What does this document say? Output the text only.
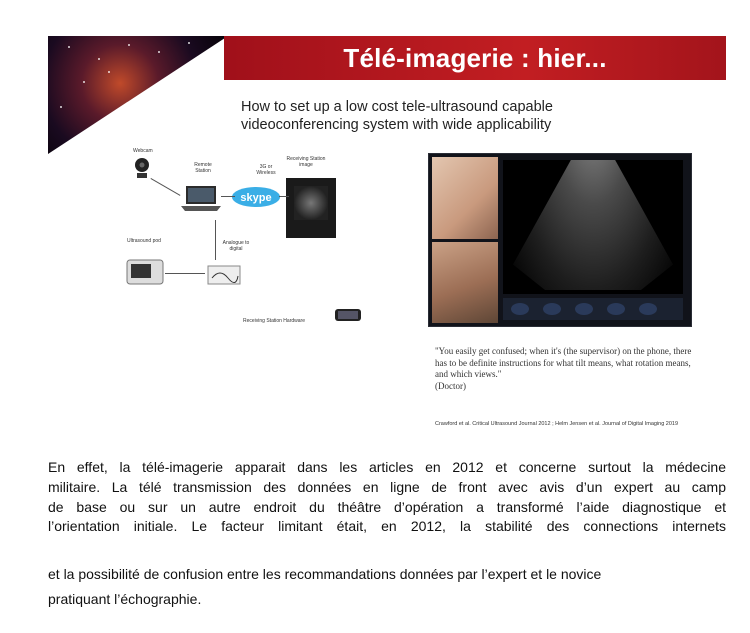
Télé-imagerie : hier...
How to set up a low cost tele-ultrasound capable videoconferencing system with wide applicability
Webcam
Remote Station
3G or Wireless
skype
Receiving Station image
Ultrasound pod	Analogue to digital
Receiving Station Hardware
"You easily get confused; when it's (the supervisor) on the phone, there has to be definite instructions for what tilt means, what rotation means, and which views."
(Doctor)
Crawford et al. Critical Ultrasound Journal 2012 ; Helm Jensen et al. Journal of Digital Imaging 2019
En effet, la télé-imagerie apparait dans les articles en 2012 et concerne surtout la médecine
militaire. La télé transmission des données en ligne de front avec avis d’un expert au camp
de base ou sur un autre endroit du théâtre d’opération a transformé l’aide diagnostique et
l’orientation initiale. Le facteur limitant était, en 2012, la stabilité des connections internets
et la possibilité de confusion entre les recommandations données par l’expert et le novice
pratiquant l’échographie.
